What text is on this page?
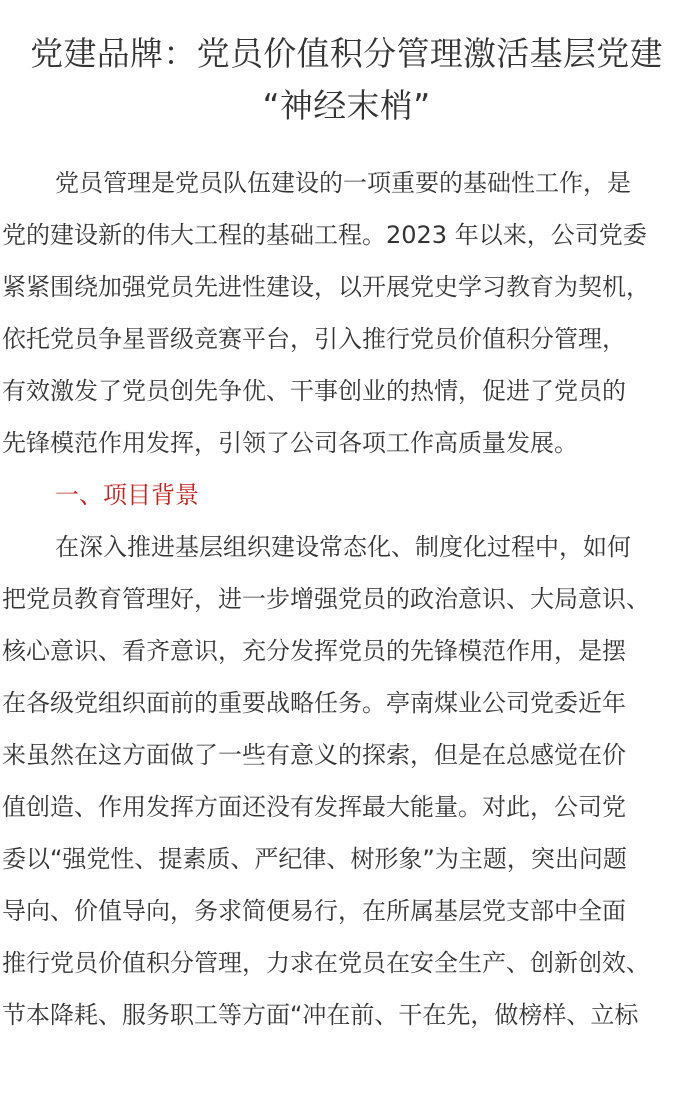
党建品牌：党员价值积分管理激活基层党建
“神经末梢”
党员管理是党员队伍建设的一项重要的基础性工作，是
党的建设新的伟大工程的基础工程。2023 年以来，公司党委
紧紧围绕加强党员先进性建设，以开展党史学习教育为契机，
依托党员争星晋级竞赛平台，引入推行党员价值积分管理，
有效激发了党员创先争优、干事创业的热情，促进了党员的
先锋模范作用发挥，引领了公司各项工作高质量发展。
一、项目背景
在深入推进基层组织建设常态化、制度化过程中，如何
把党员教育管理好，进一步增强党员的政治意识、大局意识、
核心意识、看齐意识，充分发挥党员的先锋模范作用，是摆
在各级党组织面前的重要战略任务。亭南煤业公司党委近年
来虽然在这方面做了一些有意义的探索，但是在总感觉在价
值创造、作用发挥方面还没有发挥最大能量。对此，公司党
委以“强党性、提素质、严纪律、树形象”为主题，突出问题
导向、价值导向，务求简便易行，在所属基层党支部中全面
推行党员价值积分管理，力求在党员在安全生产、创新创效、
节本降耗、服务职工等方面“冲在前、干在先，做榜样、立标
